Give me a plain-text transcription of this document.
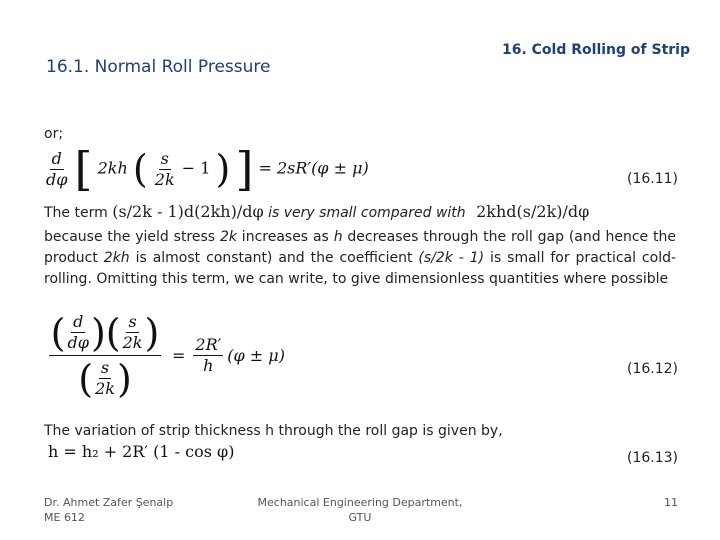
16.1. Normal Roll Pressure
16. Cold Rolling of Strip
or;
$\frac{d}{d\varphi}$ [ 2kh ( $\frac{s}{2k} - 1$ ) ] = 2sR′(φ ± μ)
(16.11)
The term (s/2k - 1)d(2kh)/dφ is very small compared with 2khd(s/2k)/dφ
because the yield stress 2k increases as h decreases through the roll gap (and hence the product 2kh is almost constant) and the coefficient (s/2k - 1) is small for practical cold-rolling. Omitting this term, we can write, to give dimensionless quantities where possible
( $\frac{d}{d\varphi}$ )( $\frac{s}{2k}$ )
( $\frac{s}{2k}$ )
= $\frac{2R'}{h} (\varphi \pm \mu)$
(16.12)
The variation of strip thickness h through the roll gap is given by,
h = h₂ + 2R′ (1 - cos φ)	(16.13)
Dr. Ahmet Zafer Şenalp
ME 612
Mechanical Engineering Department,
GTU
11
